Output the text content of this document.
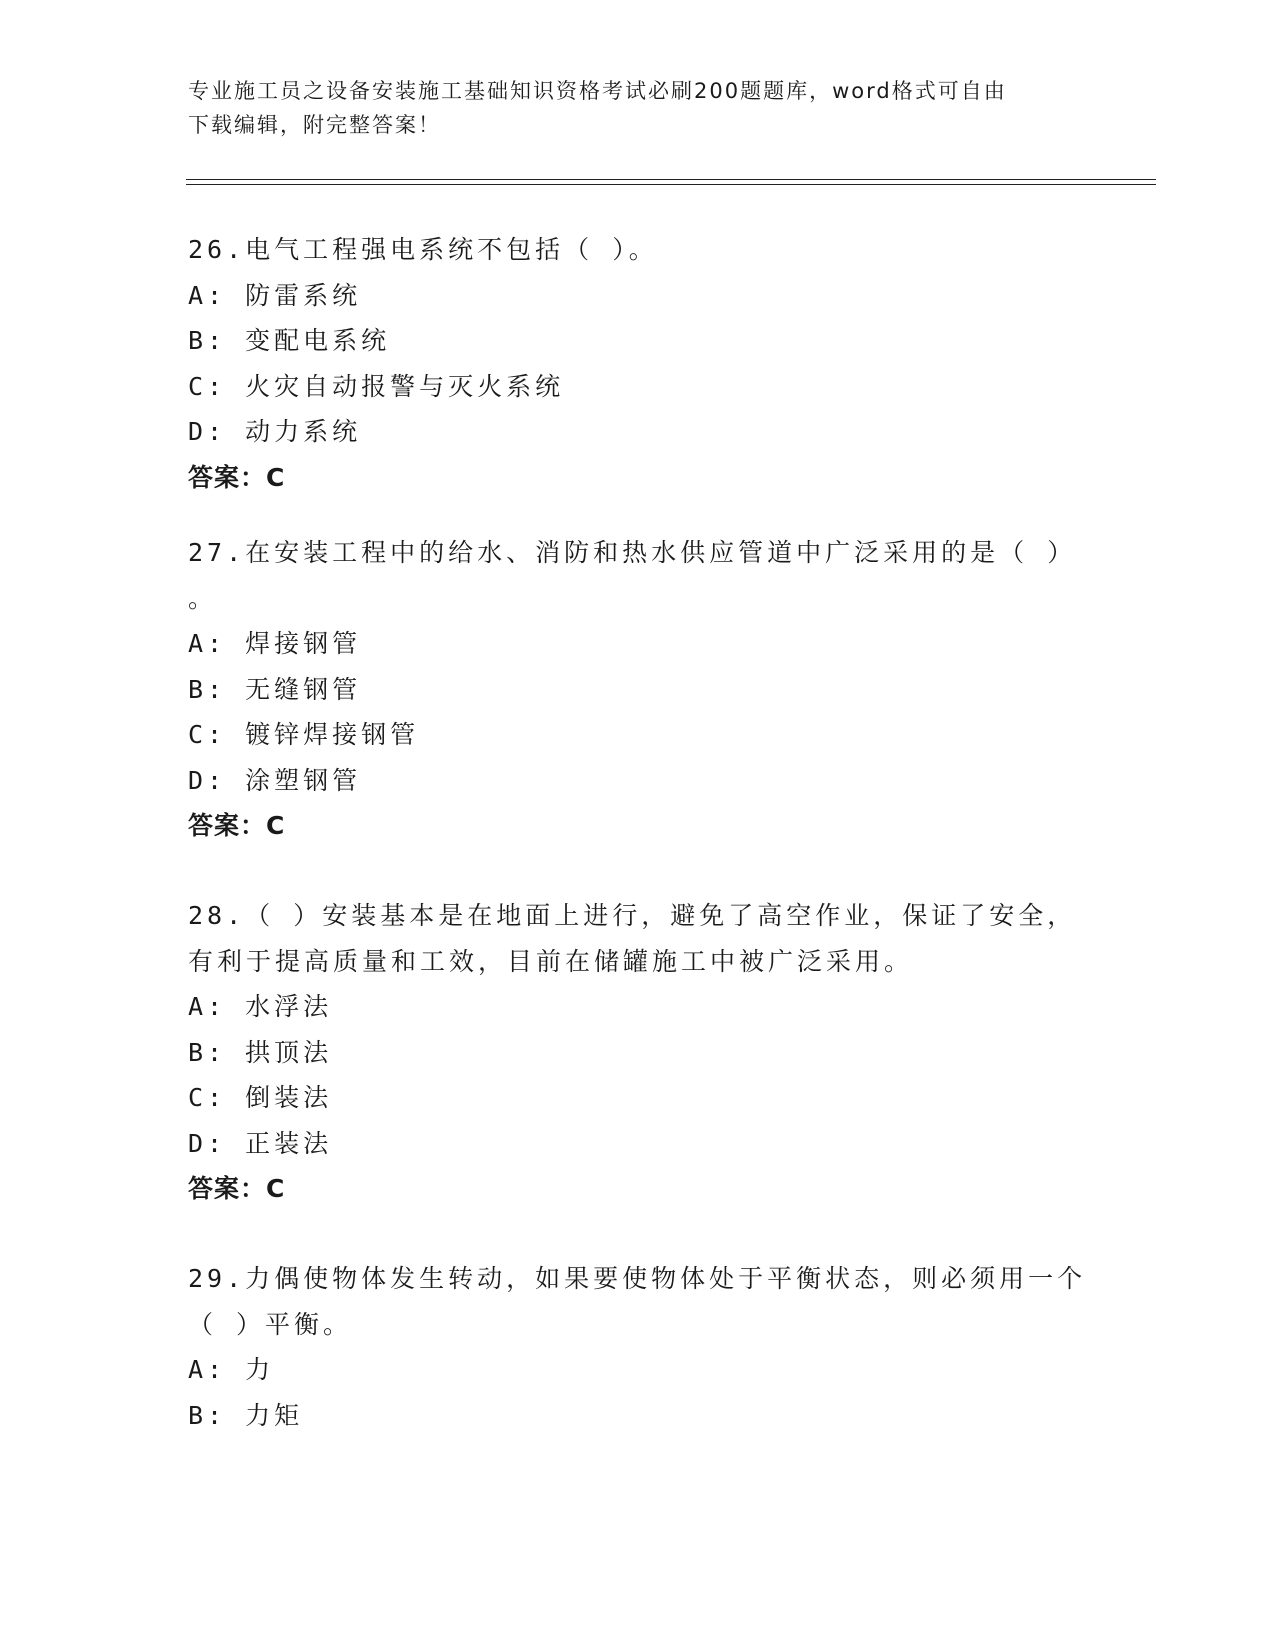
专业施工员之设备安装施工基础知识资格考试必刷200题题库，word格式可自由
下载编辑，附完整答案！
26.电气工程强电系统不包括（ ）。
A: 防雷系统
B: 变配电系统
C: 火灾自动报警与灭火系统
D: 动力系统
答案：C
27.在安装工程中的给水、消防和热水供应管道中广泛采用的是（ ）
。
A: 焊接钢管
B: 无缝钢管
C: 镀锌焊接钢管
D: 涂塑钢管
答案：C
28.（ ）安装基本是在地面上进行，避免了高空作业，保证了安全，
有利于提高质量和工效，目前在储罐施工中被广泛采用。
A: 水浮法
B: 拱顶法
C: 倒装法
D: 正装法
答案：C
29.力偶使物体发生转动，如果要使物体处于平衡状态，则必须用一个
（ ）平衡。
A: 力
B: 力矩
